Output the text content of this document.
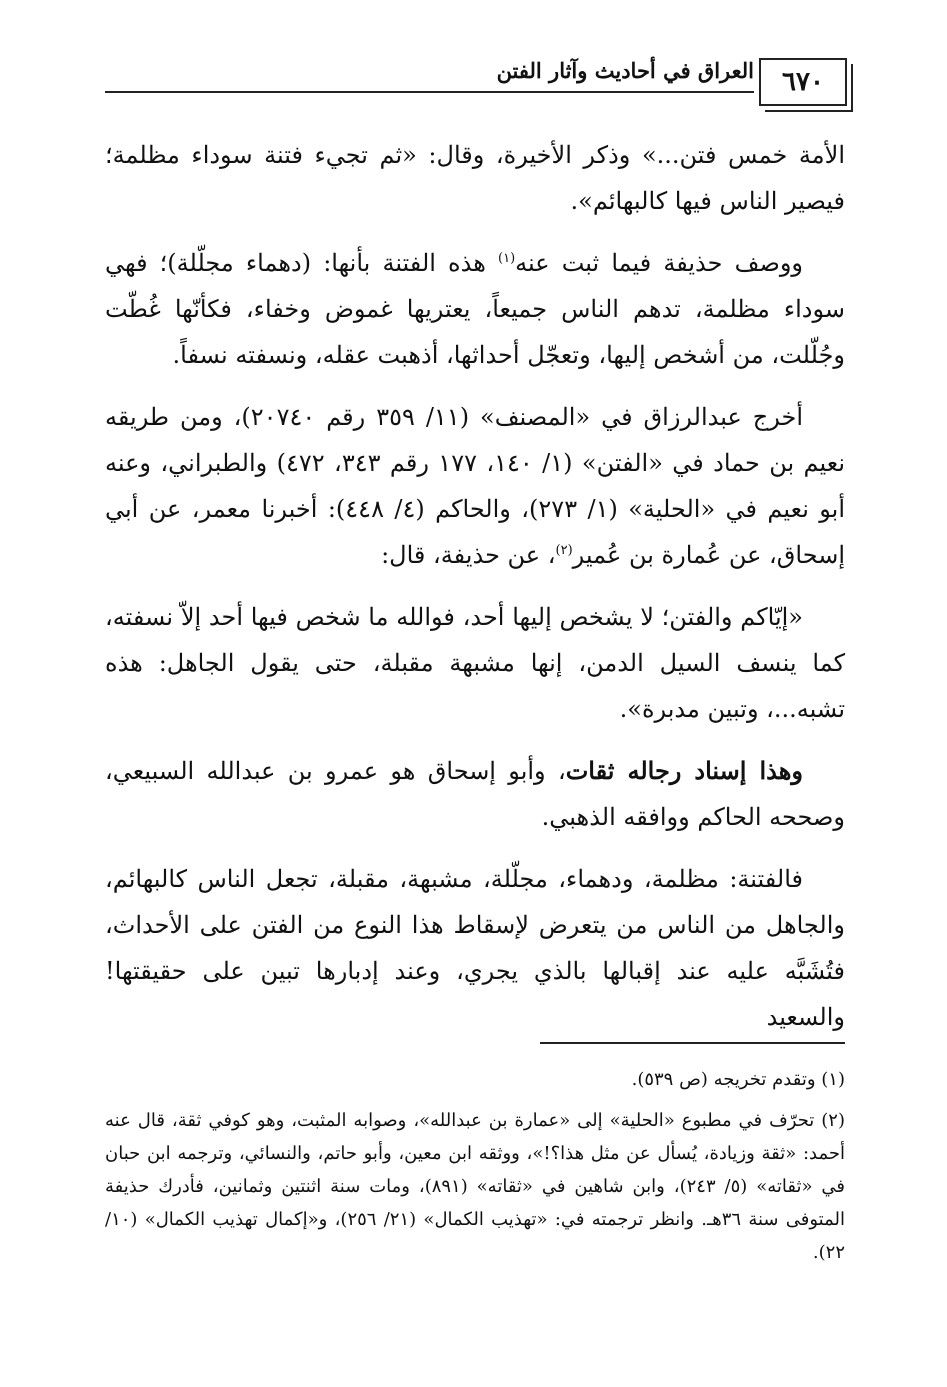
٦٧٠
العراق في أحاديث وآثار الفتن

الأمة خمس فتن...» وذكر الأخيرة، وقال: «ثم تجيء فتنة سوداء مظلمة؛ فيصير الناس فيها كالبهائم».

ووصف حذيفة فيما ثبت عنه$^{(١)}$ هذه الفتنة بأنها: (دهماء مجلّلة)؛ فهي سوداء مظلمة، تدهم الناس جميعاً، يعتريها غموض وخفاء، فكأنّها غُطّت وجُلّلت، من أشخص إليها، وتعجّل أحداثها، أذهبت عقله، ونسفته نسفاً.

أخرج عبدالرزاق في «المصنف» (١١/ ٣٥٩ رقم ٢٠٧٤٠)، ومن طريقه نعيم بن حماد في «الفتن» (١/ ١٤٠، ١٧٧ رقم ٣٤٣، ٤٧٢) والطبراني، وعنه أبو نعيم في «الحلية» (١/ ٢٧٣)، والحاكم (٤/ ٤٤٨): أخبرنا معمر، عن أبي إسحاق، عن عُمارة بن عُمير$^{(٢)}$، عن حذيفة، قال:

«إيّاكم والفتن؛ لا يشخص إليها أحد، فوالله ما شخص فيها أحد إلاّ نسفته، كما ينسف السيل الدمن، إنها مشبهة مقبلة، حتى يقول الجاهل: هذه تشبه...، وتبين مدبرة».

وهذا إسناد رجاله ثقات، وأبو إسحاق هو عمرو بن عبدالله السبيعي، وصححه الحاكم ووافقه الذهبي.

فالفتنة: مظلمة، ودهماء، مجلّلة، مشبهة، مقبلة، تجعل الناس كالبهائم، والجاهل من الناس من يتعرض لإسقاط هذا النوع من الفتن على الأحداث، فتُشَبَّه عليه عند إقبالها بالذي يجري، وعند إدبارها تبين على حقيقتها! والسعيد

(١) وتقدم تخريجه (ص ٥٣٩).

(٢) تحرّف في مطبوع «الحلية» إلى «عمارة بن عبدالله»، وصوابه المثبت، وهو كوفي ثقة، قال عنه أحمد: «ثقة وزيادة، يُسأل عن مثل هذا؟!»، ووثقه ابن معين، وأبو حاتم، والنسائي، وترجمه ابن حبان في «ثقاته» (٥/ ٢٤٣)، وابن شاهين في «ثقاته» (٨٩١)، ومات سنة اثنتين وثمانين، فأدرك حذيفة المتوفى سنة ٣٦هـ. وانظر ترجمته في: «تهذيب الكمال» (٢١/ ٢٥٦)، و«إكمال تهذيب الكمال» (١٠/ ٢٢).
